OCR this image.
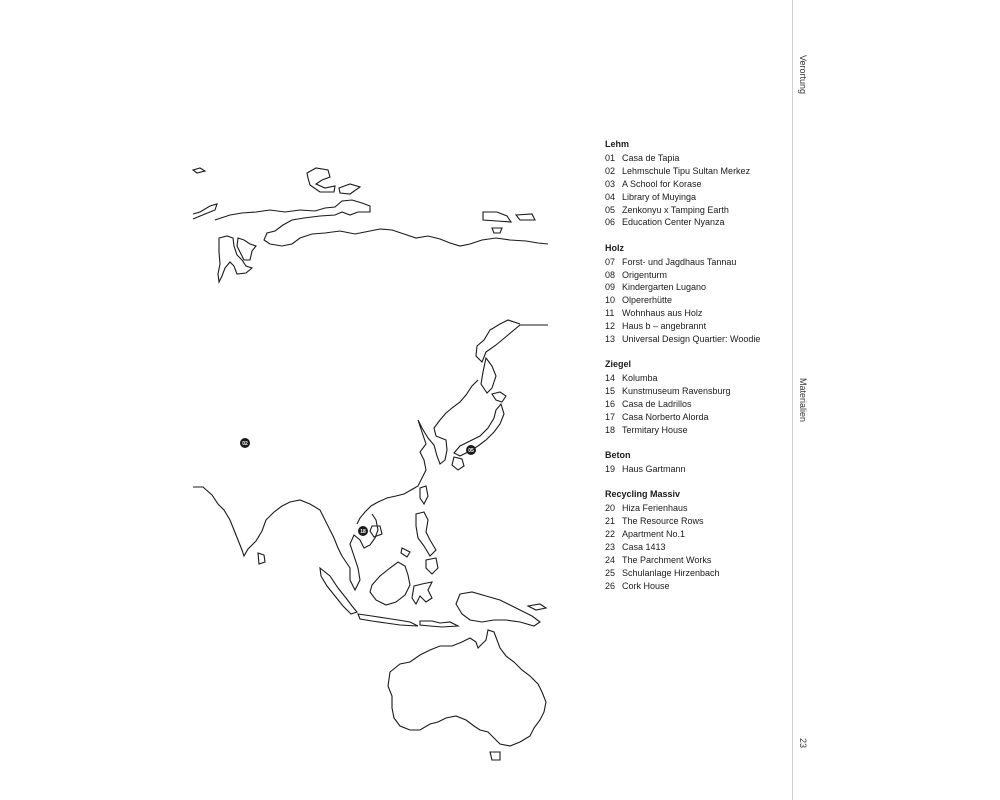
02
05
18
Lehm
01 Casa de Tapia
02 Lehmschule Tipu Sultan Merkez
03 A School for Korase
04 Library of Muyinga
05 Zenkonyu x Tamping Earth
06 Education Center Nyanza
Holz
07 Forst- und Jagdhaus Tannau
08 Origenturm
09 Kindergarten Lugano
10 Olpererhütte
11 Wohnhaus aus Holz
12 Haus b – angebrannt
13 Universal Design Quartier: Woodie
Ziegel
14 Kolumba
15 Kunstmuseum Ravensburg
16 Casa de Ladrillos
17 Casa Norberto Alorda
18 Termitary House
Beton
19 Haus Gartmann
Recycling Massiv
20 Hiza Ferienhaus
21 The Resource Rows
22 Apartment No.1
23 Casa 1413
24 The Parchment Works
25 Schulanlage Hirzenbach
26 Cork House
Verortung
Materialien
23
